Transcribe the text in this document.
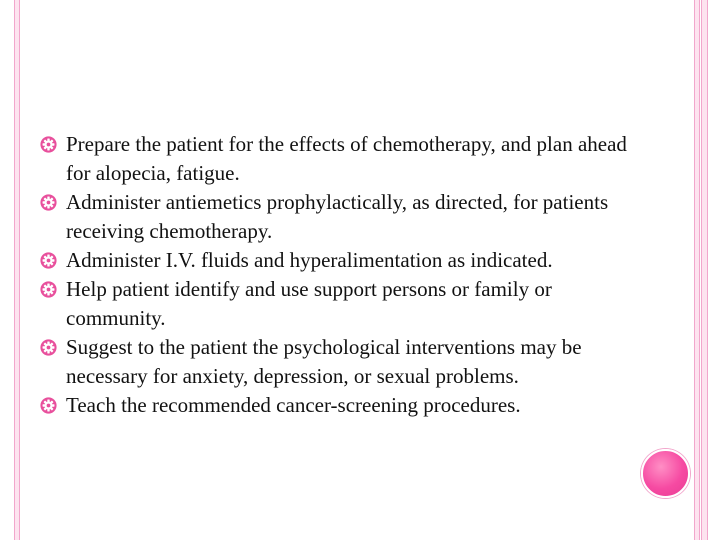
Prepare the patient for the effects of chemotherapy, and plan ahead for alopecia, fatigue.
Administer antiemetics prophylactically, as directed, for patients receiving chemotherapy.
Administer I.V. fluids and hyperalimentation as indicated.
Help patient identify and use support persons or family or community.
Suggest to the patient the psychological interventions may be necessary for anxiety, depression, or sexual problems.
Teach the recommended cancer-screening procedures.
